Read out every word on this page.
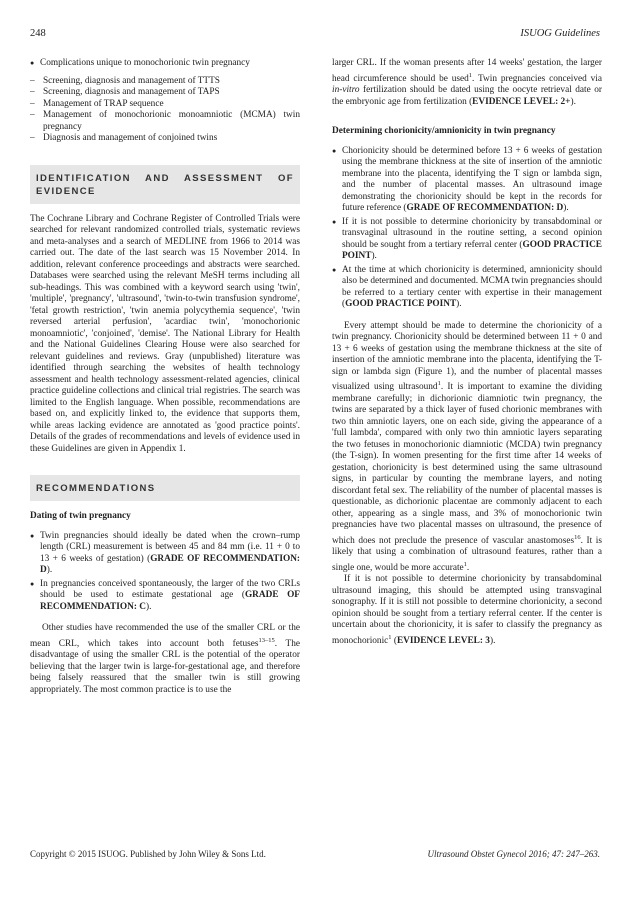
248	ISUOG Guidelines
● Complications unique to monochorionic twin pregnancy
– Screening, diagnosis and management of TTTS
– Screening, diagnosis and management of TAPS
– Management of TRAP sequence
– Management of monochorionic monoamniotic (MCMA) twin pregnancy
– Diagnosis and management of conjoined twins
IDENTIFICATION AND ASSESSMENT OF EVIDENCE

The Cochrane Library and Cochrane Register of Controlled Trials were searched for relevant randomized controlled trials, systematic reviews and meta-analyses and a search of MEDLINE from 1966 to 2014 was carried out. The date of the last search was 15 November 2014. In addition, relevant conference proceedings and abstracts were searched. Databases were searched using the relevant MeSH terms including all sub-headings. This was combined with a keyword search using 'twin', 'multiple', 'pregnancy', 'ultrasound', 'twin-to-twin transfusion syndrome', 'fetal growth restriction', 'twin anemia polycythemia sequence', 'twin reversed arterial perfusion', 'acardiac twin', 'monochorionic monoamniotic', 'conjoined', 'demise'. The National Library for Health and the National Guidelines Clearing House were also searched for relevant guidelines and reviews. Gray (unpublished) literature was identified through searching the websites of health technology assessment and health technology assessment-related agencies, clinical practice guideline collections and clinical trial registries. The search was limited to the English language. When possible, recommendations are based on, and explicitly linked to, the evidence that supports them, while areas lacking evidence are annotated as 'good practice points'. Details of the grades of recommendations and levels of evidence used in these Guidelines are given in Appendix 1.

RECOMMENDATIONS
Dating of twin pregnancy
● Twin pregnancies should ideally be dated when the crown–rump length (CRL) measurement is between 45 and 84 mm (i.e. 11 + 0 to 13 + 6 weeks of gestation) (GRADE OF RECOMMENDATION: D).
● In pregnancies conceived spontaneously, the larger of the two CRLs should be used to estimate gestational age (GRADE OF RECOMMENDATION: C).

Other studies have recommended the use of the smaller CRL or the mean CRL, which takes into account both fetuses$^{13-15}$. The disadvantage of using the smaller CRL is the potential of the operator believing that the larger twin is large-for-gestational age, and therefore being falsely reassured that the smaller twin is still growing appropriately. The most common practice is to use the

larger CRL. If the woman presents after 14 weeks' gestation, the larger head circumference should be used$^1$. Twin pregnancies conceived via in-vitro fertilization should be dated using the oocyte retrieval date or the embryonic age from fertilization (EVIDENCE LEVEL: 2+).

Determining chorionicity/amnionicity in twin pregnancy
● Chorionicity should be determined before 13 + 6 weeks of gestation using the membrane thickness at the site of insertion of the amniotic membrane into the placenta, identifying the T sign or lambda sign, and the number of placental masses. An ultrasound image demonstrating the chorionicity should be kept in the records for future reference (GRADE OF RECOMMENDATION: D).
● If it is not possible to determine chorionicity by transabdominal or transvaginal ultrasound in the routine setting, a second opinion should be sought from a tertiary referral center (GOOD PRACTICE POINT).
● At the time at which chorionicity is determined, amnionicity should also be determined and documented. MCMA twin pregnancies should be referred to a tertiary center with expertise in their management (GOOD PRACTICE POINT).

Every attempt should be made to determine the chorionicity of a twin pregnancy. Chorionicity should be determined between 11 + 0 and 13 + 6 weeks of gestation using the membrane thickness at the site of insertion of the amniotic membrane into the placenta, identifying the T-sign or lambda sign (Figure 1), and the number of placental masses visualized using ultrasound$^1$. It is important to examine the dividing membrane carefully; in dichorionic diamniotic twin pregnancy, the twins are separated by a thick layer of fused chorionic membranes with two thin amniotic layers, one on each side, giving the appearance of a 'full lambda', compared with only two thin amniotic layers separating the two fetuses in monochorionic diamniotic (MCDA) twin pregnancy (the T-sign). In women presenting for the first time after 14 weeks of gestation, chorionicity is best determined using the same ultrasound signs, in particular by counting the membrane layers, and noting discordant fetal sex. The reliability of the number of placental masses is questionable, as dichorionic placentae are commonly adjacent to each other, appearing as a single mass, and 3% of monochorionic twin pregnancies have two placental masses on ultrasound, the presence of which does not preclude the presence of vascular anastomoses$^{16}$. It is likely that using a combination of ultrasound features, rather than a single one, would be more accurate$^1$.

If it is not possible to determine chorionicity by transabdominal ultrasound imaging, this should be attempted using transvaginal sonography. If it is still not possible to determine chorionicity, a second opinion should be sought from a tertiary referral center. If the center is uncertain about the chorionicity, it is safer to classify the pregnancy as monochorionic$^1$ (EVIDENCE LEVEL: 3).

Copyright © 2015 ISUOG. Published by John Wiley & Sons Ltd.	Ultrasound Obstet Gynecol 2016; 47: 247–263.
